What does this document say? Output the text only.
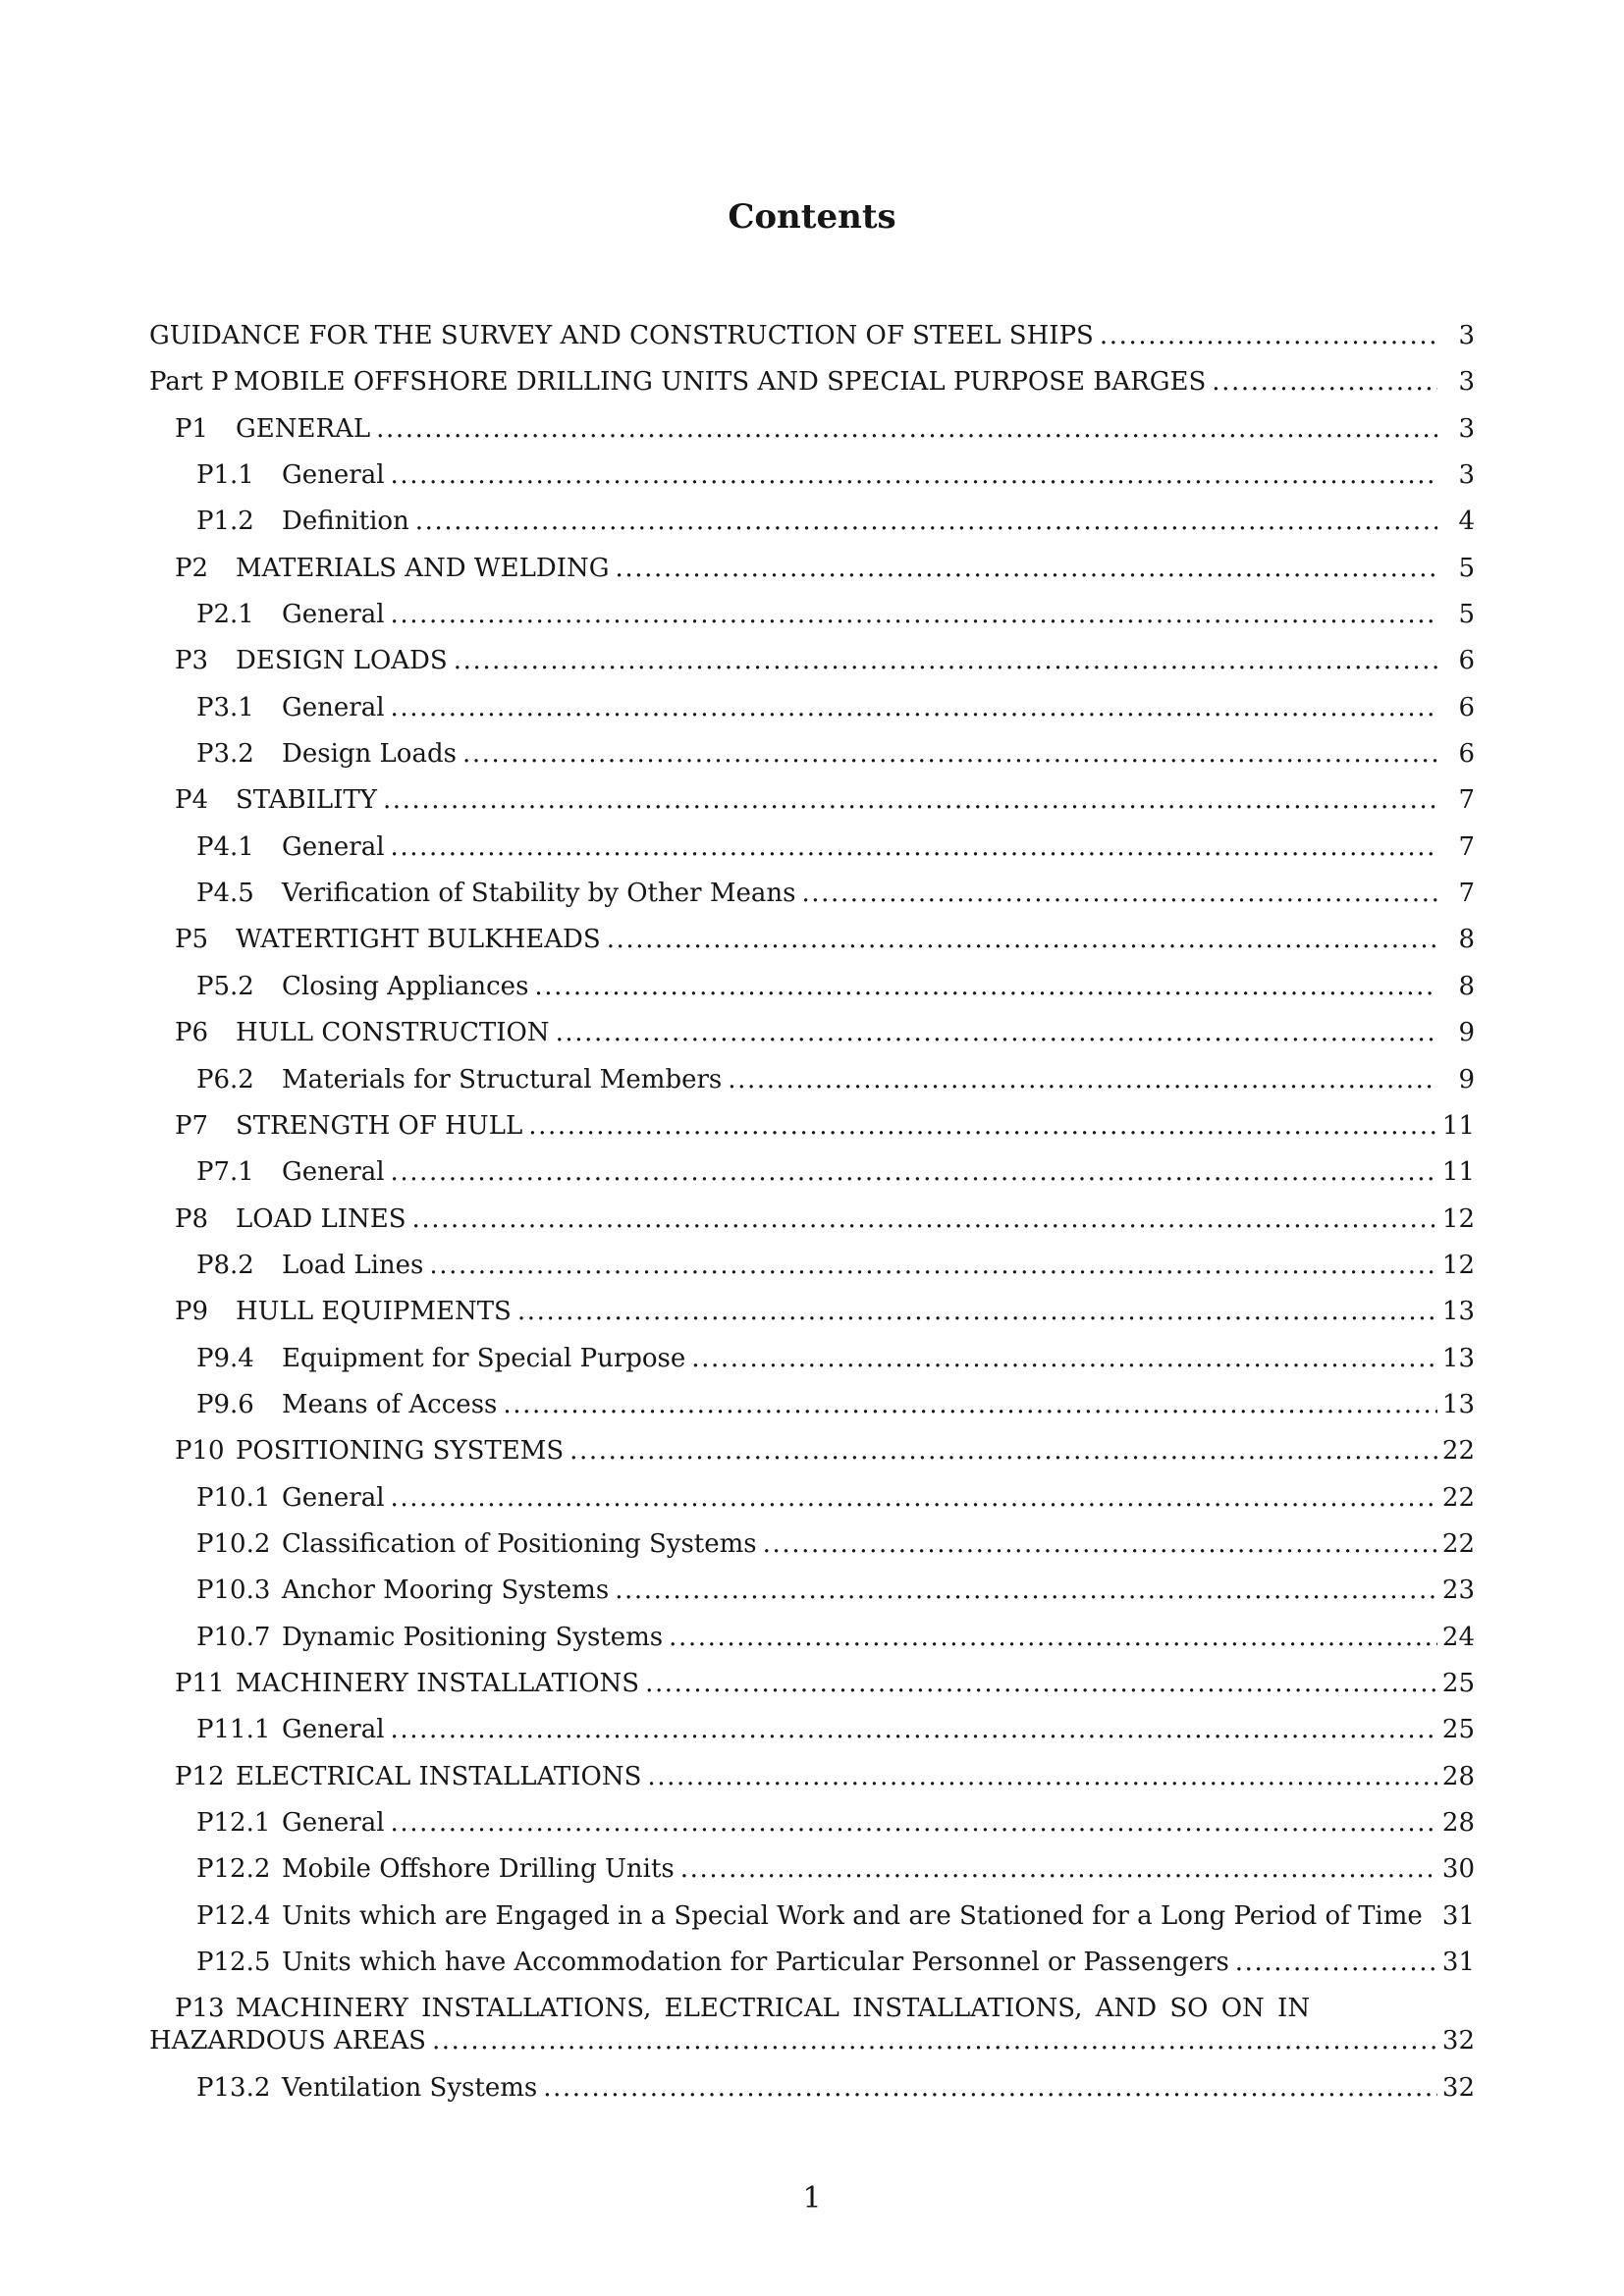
Contents
GUIDANCE FOR THE SURVEY AND CONSTRUCTION OF STEEL SHIPS .....	3
Part P MOBILE OFFSHORE DRILLING UNITS AND SPECIAL PURPOSE BARGES .....	3
P1	GENERAL .....	3
P1.1	General .....	3
P1.2	Definition .....	4
P2	MATERIALS AND WELDING .....	5
P2.1	General .....	5
P3	DESIGN LOADS .....	6
P3.1	General .....	6
P3.2	Design Loads .....	6
P4	STABILITY .....	7
P4.1	General .....	7
P4.5	Verification of Stability by Other Means .....	7
P5	WATERTIGHT BULKHEADS .....	8
P5.2	Closing Appliances .....	8
P6	HULL CONSTRUCTION .....	9
P6.2	Materials for Structural Members .....	9
P7	STRENGTH OF HULL .....	11
P7.1	General .....	11
P8	LOAD LINES .....	12
P8.2	Load Lines .....	12
P9	HULL EQUIPMENTS .....	13
P9.4	Equipment for Special Purpose .....	13
P9.6	Means of Access .....	13
P10 POSITIONING SYSTEMS .....	22
P10.1 General .....	22
P10.2 Classification of Positioning Systems .....	22
P10.3 Anchor Mooring Systems .....	23
P10.7 Dynamic Positioning Systems .....	24
P11 MACHINERY INSTALLATIONS .....	25
P11.1 General .....	25
P12 ELECTRICAL INSTALLATIONS .....	28
P12.1 General .....	28
P12.2 Mobile Offshore Drilling Units .....	30
P12.4 Units which are Engaged in a Special Work and are Stationed for a Long Period of Time 31
P12.5 Units which have Accommodation for Particular Personnel or Passengers .....	31
P13 MACHINERY INSTALLATIONS, ELECTRICAL INSTALLATIONS, AND SO ON IN
HAZARDOUS AREAS .....	32
P13.2 Ventilation Systems .....	32
1
